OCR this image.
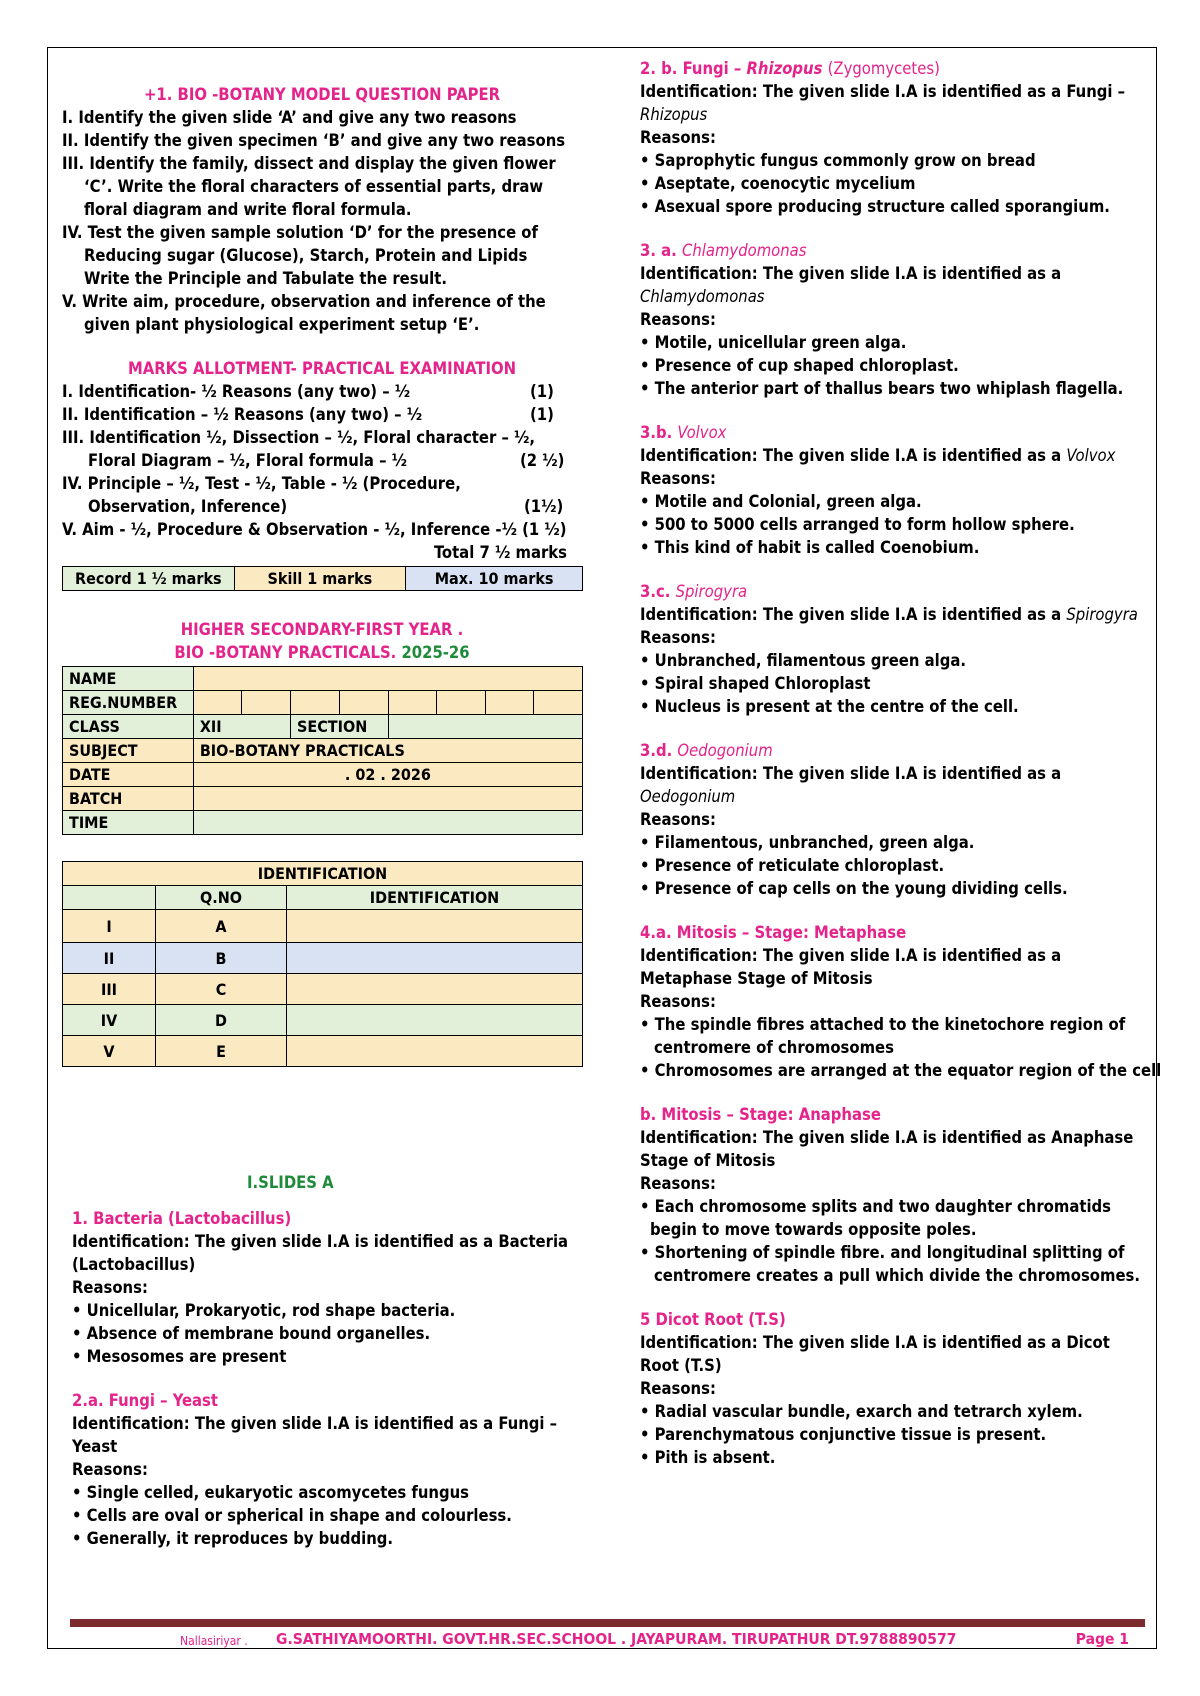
+1. BIO -BOTANY MODEL QUESTION PAPER
I. Identify the given slide ‘A’ and give any two reasons
II. Identify the given specimen ‘B’ and give any two reasons
III. Identify the family, dissect and display the given flower
‘C’. Write the floral characters of essential parts, draw
floral diagram and write floral formula.
IV. Test the given sample solution ‘D’ for the presence of
Reducing sugar (Glucose), Starch, Protein and Lipids
Write the Principle and Tabulate the result.
V. Write aim, procedure, observation and inference of the
given plant physiological experiment setup ‘E’.
MARKS ALLOTMENT- PRACTICAL EXAMINATION
I. Identification- ½ Reasons (any two) – ½	(1)
II. Identification – ½ Reasons (any two) – ½	(1)
III. Identification ½, Dissection – ½, Floral character – ½,
Floral Diagram – ½, Floral formula – ½	(2 ½)
IV. Principle – ½, Test - ½, Table - ½ (Procedure,
Observation, Inference)	(1½)
V. Aim - ½, Procedure & Observation - ½, Inference -½ (1 ½)
Total 7 ½ marks
Record 1 ½ marks	Skill 1 marks	Max. 10 marks
HIGHER SECONDARY-FIRST YEAR .
BIO -BOTANY PRACTICALS. 2025-26
NAME								
REG.NUMBER								
CLASS	XII		SECTION					
SUBJECT	BIO-BOTANY PRACTICALS							
DATE	. 02 . 2026							
BATCH								
TIME								
IDENTIFICATION		
	Q.NO	IDENTIFICATION
I	A	
II	B	
III	C	
IV	D	
V	E	
I.SLIDES A
1. Bacteria (Lactobacillus)
Identification: The given slide I.A is identified as a Bacteria
(Lactobacillus)
Reasons:
• Unicellular, Prokaryotic, rod shape bacteria.
• Absence of membrane bound organelles.
• Mesosomes are present
2.a. Fungi – Yeast
Identification: The given slide I.A is identified as a Fungi –
Yeast
Reasons:
• Single celled, eukaryotic ascomycetes fungus
• Cells are oval or spherical in shape and colourless.
• Generally, it reproduces by budding.
2. b. Fungi – Rhizopus (Zygomycetes)
Identification: The given slide I.A is identified as a Fungi –
Rhizopus
Reasons:
• Saprophytic fungus commonly grow on bread
• Aseptate, coenocytic mycelium
• Asexual spore producing structure called sporangium.
3. a. Chlamydomonas
Identification: The given slide I.A is identified as a
Chlamydomonas
Reasons:
• Motile, unicellular green alga.
• Presence of cup shaped chloroplast.
• The anterior part of thallus bears two whiplash flagella.
3.b. Volvox
Identification: The given slide I.A is identified as a Volvox
Reasons:
• Motile and Colonial, green alga.
• 500 to 5000 cells arranged to form hollow sphere.
• This kind of habit is called Coenobium.
3.c. Spirogyra
Identification: The given slide I.A is identified as a Spirogyra
Reasons:
• Unbranched, filamentous green alga.
• Spiral shaped Chloroplast
• Nucleus is present at the centre of the cell.
3.d. Oedogonium
Identification: The given slide I.A is identified as a
Oedogonium
Reasons:
• Filamentous, unbranched, green alga.
• Presence of reticulate chloroplast.
• Presence of cap cells on the young dividing cells.
4.a. Mitosis – Stage: Metaphase
Identification: The given slide I.A is identified as a
Metaphase Stage of Mitosis
Reasons:
• The spindle fibres attached to the kinetochore region of
centromere of chromosomes
• Chromosomes are arranged at the equator region of the cell
b. Mitosis – Stage: Anaphase
Identification: The given slide I.A is identified as Anaphase
Stage of Mitosis
Reasons:
• Each chromosome splits and two daughter chromatids
begin to move towards opposite poles.
• Shortening of spindle fibre. and longitudinal splitting of
centromere creates a pull which divide the chromosomes.
5 Dicot Root (T.S)
Identification: The given slide I.A is identified as a Dicot
Root (T.S)
Reasons:
• Radial vascular bundle, exarch and tetrarch xylem.
• Parenchymatous conjunctive tissue is present.
• Pith is absent.
Nallasiriyar . G.SATHIYAMOORTHI. GOVT.HR.SEC.SCHOOL . JAYAPURAM. TIRUPATHUR DT.9788890577	Page 1
